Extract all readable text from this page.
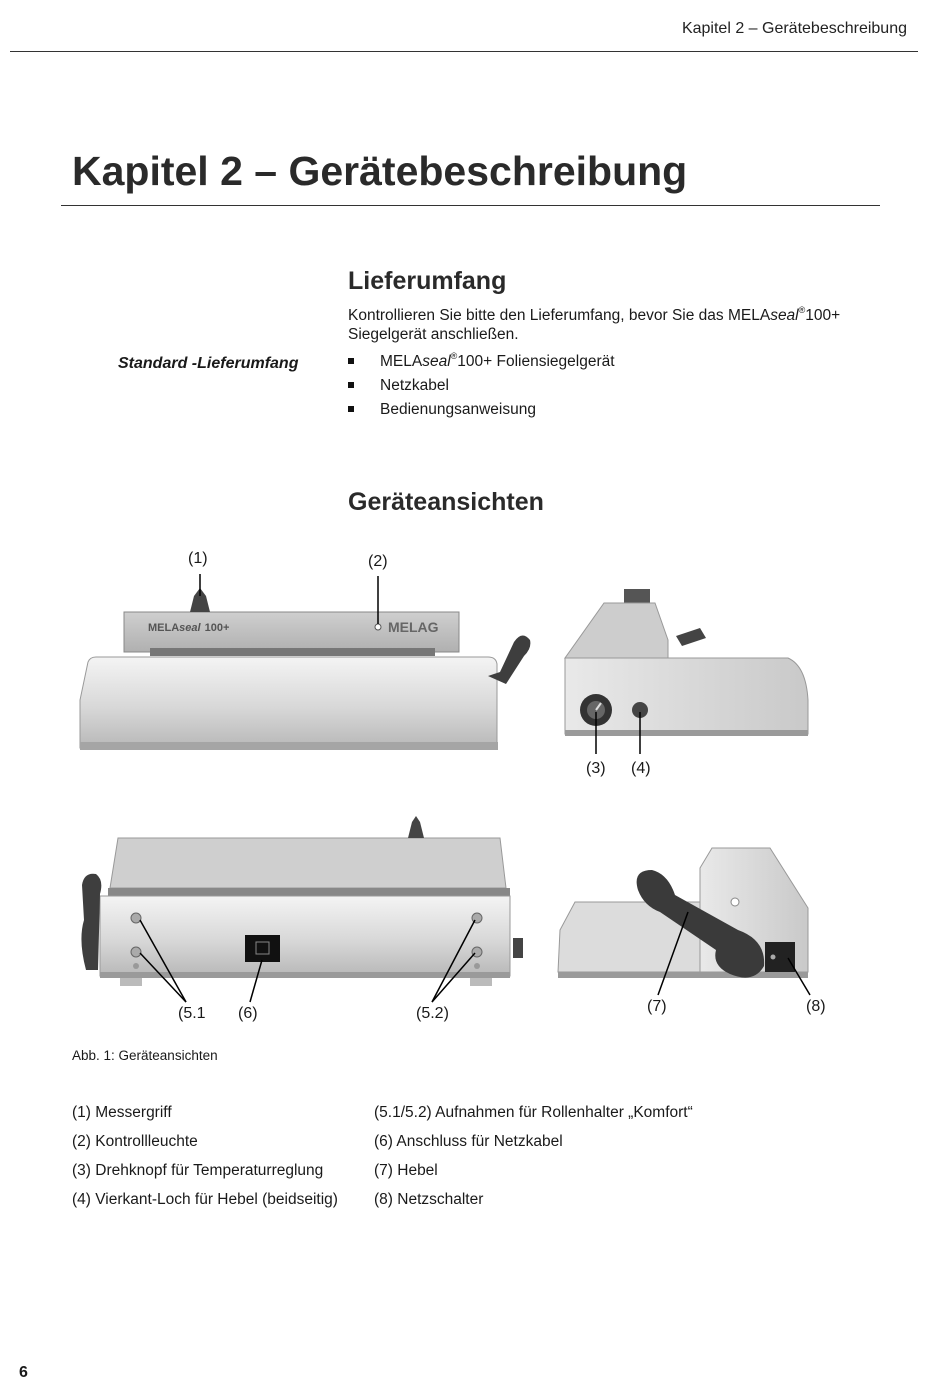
Kapitel 2 – Gerätebeschreibung
Kapitel 2 – Gerätebeschreibung
Lieferumfang
Kontrollieren Sie bitte den Lieferumfang, bevor Sie das MELAseal®100+ Siegelgerät anschließen.
Standard -Lieferumfang	MELAseal®100+ Foliensiegelgerät
Netzkabel
Bedienungsanweisung
Geräteansichten
MELAseal 100+	MELAG
(1)	(2)
(3) (4)
(5.1 (6)	(5.2)	(7)	(8)
Abb. 1: Geräteansichten
(1) Messergriff
(2) Kontrollleuchte
(3) Drehknopf für Temperaturreglung
(4) Vierkant-Loch für Hebel (beidseitig)
(5.1/5.2) Aufnahmen für Rollenhalter „Komfort“
(6) Anschluss für Netzkabel
(7) Hebel
(8) Netzschalter
6
